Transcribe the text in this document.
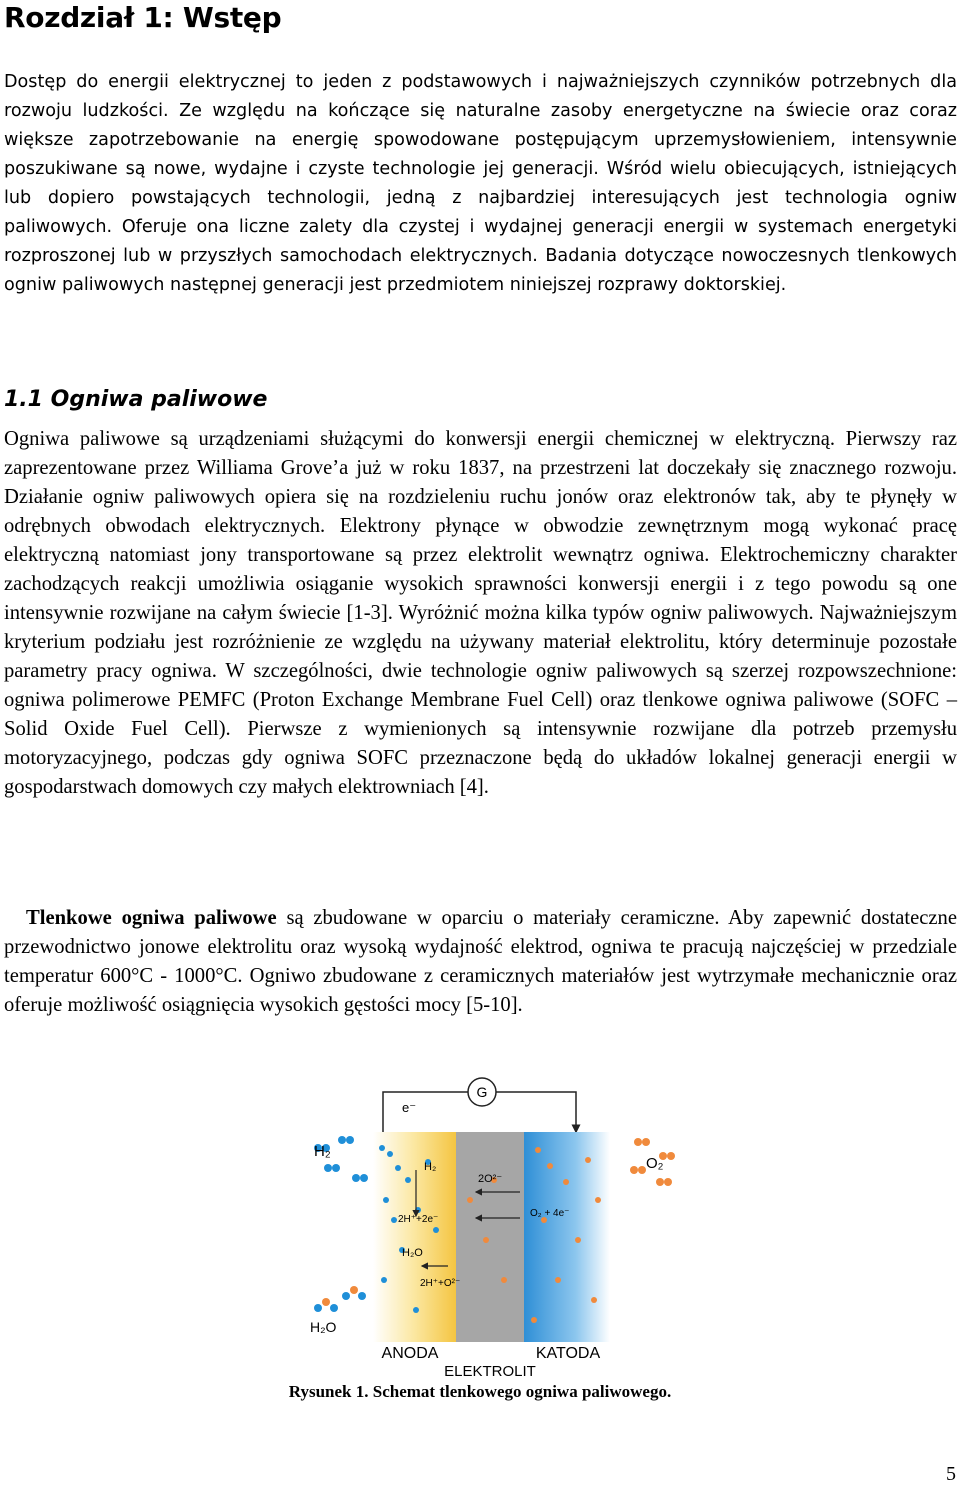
Rozdział 1: Wstęp

Dostęp do energii elektrycznej to jeden z podstawowych i najważniejszych czynników potrzebnych dla rozwoju ludzkości. Ze względu na kończące się naturalne zasoby energetyczne na świecie oraz coraz większe zapotrzebowanie na energię spowodowane postępującym uprzemysłowieniem, intensywnie poszukiwane są nowe, wydajne i czyste technologie jej generacji. Wśród wielu obiecujących, istniejących lub dopiero powstających technologii, jedną z najbardziej interesujących jest technologia ogniw paliwowych. Oferuje ona liczne zalety dla czystej i wydajnej generacji energii w systemach energetyki rozproszonej lub w przyszłych samochodach elektrycznych. Badania dotyczące nowoczesnych tlenkowych ogniw paliwowych następnej generacji jest przedmiotem niniejszej rozprawy doktorskiej.

1.1 Ogniwa paliwowe

Ogniwa paliwowe są urządzeniami służącymi do konwersji energii chemicznej w elektryczną. Pierwszy raz zaprezentowane przez Williama Grove’a już w roku 1837, na przestrzeni lat doczekały się znacznego rozwoju. Działanie ogniw paliwowych opiera się na rozdzieleniu ruchu jonów oraz elektronów tak, aby te płynęły w odrębnych obwodach elektrycznych. Elektrony płynące w obwodzie zewnętrznym mogą wykonać pracę elektryczną natomiast jony transportowane są przez elektrolit wewnątrz ogniwa. Elektrochemiczny charakter zachodzących reakcji umożliwia osiąganie wysokich sprawności konwersji energii i z tego powodu są one intensywnie rozwijane na całym świecie [1-3]. Wyróżnić można kilka typów ogniw paliwowych. Najważniejszym kryterium podziału jest rozróżnienie ze względu na używany materiał elektrolitu, który determinuje pozostałe parametry pracy ogniwa. W szczególności, dwie technologie ogniw paliwowych są szerzej rozpowszechnione: ogniwa polimerowe PEMFC (Proton Exchange Membrane Fuel Cell) oraz tlenkowe ogniwa paliwowe (SOFC – Solid Oxide Fuel Cell). Pierwsze z wymienionych są intensywnie rozwijane dla potrzeb przemysłu motoryzacyjnego, podczas gdy ogniwa SOFC przeznaczone będą do układów lokalnej generacji energii w gospodarstwach domowych czy małych elektrowniach [4].

Tlenkowe ogniwa paliwowe są zbudowane w oparciu o materiały ceramiczne. Aby zapewnić dostateczne przewodnictwo jonowe elektrolitu oraz wysoką wydajność elektrod, ogniwa te pracują najczęściej w przedziale temperatur 600°C - 1000°C. Ogniwo zbudowane z ceramicznych materiałów jest wytrzymałe mechanicznie oraz oferuje możliwość osiągnięcia wysokich gęstości mocy [5-10].

G
e⁻
H₂
O₂
H₂O
H₂
2H⁺+2e⁻
2O²⁻
O₂ + 4e⁻
H₂O
2H⁺+O²⁻
ANODA	KATODA
ELEKTROLIT
Rysunek 1. Schemat tlenkowego ogniwa paliwowego.
5
